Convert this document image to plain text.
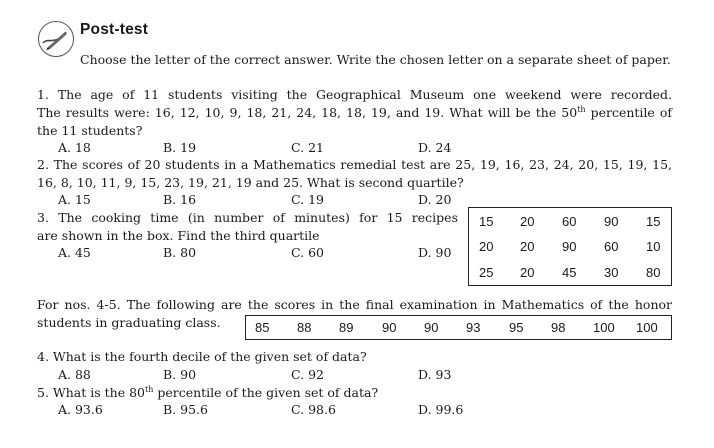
Post-test
Choose the letter of the correct answer. Write the chosen letter on a separate sheet of paper.
1. The age of 11 students visiting the Geographical Museum one weekend were recorded.
The results were: 16, 12, 10, 9, 18, 21, 24, 18, 18, 19, and 19. What will be the 50th percentile of
the 11 students?
A. 18	B. 19	C. 21	D. 24
2. The scores of 20 students in a Mathematics remedial test are 25, 19, 16, 23, 24, 20, 15, 19, 15,
16, 8, 10, 11, 9, 15, 23, 19, 21, 19 and 25. What is second quartile?
A. 15	B. 16	C. 19	D. 20
3. The cooking time (in number of minutes) for 15 recipes
are shown in the box. Find the third quartile
A. 45	B. 80	C. 60	D. 90
15 20 60 90 15
20 20 90 60 10
25 20 45 30 80
For nos. 4-5. The following are the scores in the final examination in Mathematics of the honor
students in graduating class.	85 88 89 90 90 93 95 98 100 100
4. What is the fourth decile of the given set of data?
A. 88	B. 90	C. 92	D. 93
5. What is the 80th percentile of the given set of data?
A. 93.6	B. 95.6	C. 98.6	D. 99.6
